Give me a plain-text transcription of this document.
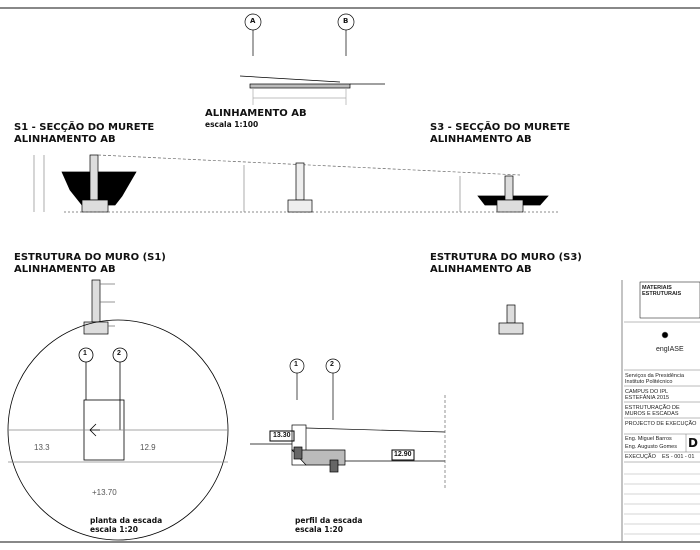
A	B
ALINHAMENTO AB
escala 1:100
S1 - SECÇÃO DO MURETE
ALINHAMENTO AB
S3 - SECÇÃO DO MURETE
ALINHAMENTO AB
ESTRUTURA DO MURO (S1)
ALINHAMENTO AB
ESTRUTURA DO MURO (S3)
ALINHAMENTO AB
1	2
13.3	12.9
+13.70
planta da escada
escala 1:20
1	2
13.30
12.90
perfil da escada
escala 1:20
MATERIAIS ESTRUTURAIS
engIASE
Serviços da Presidência Instituto Politécnico
CAMPUS DO IPL ESTEFÂNIA 2015
ESTRUTURAÇÃO DE MUROS E ESCADAS
PROJECTO DE EXECUÇÃO
Eng. Miguel Barros
Eng. Augusto Gomes D
EXECUÇÃO ES - 001 - 01
